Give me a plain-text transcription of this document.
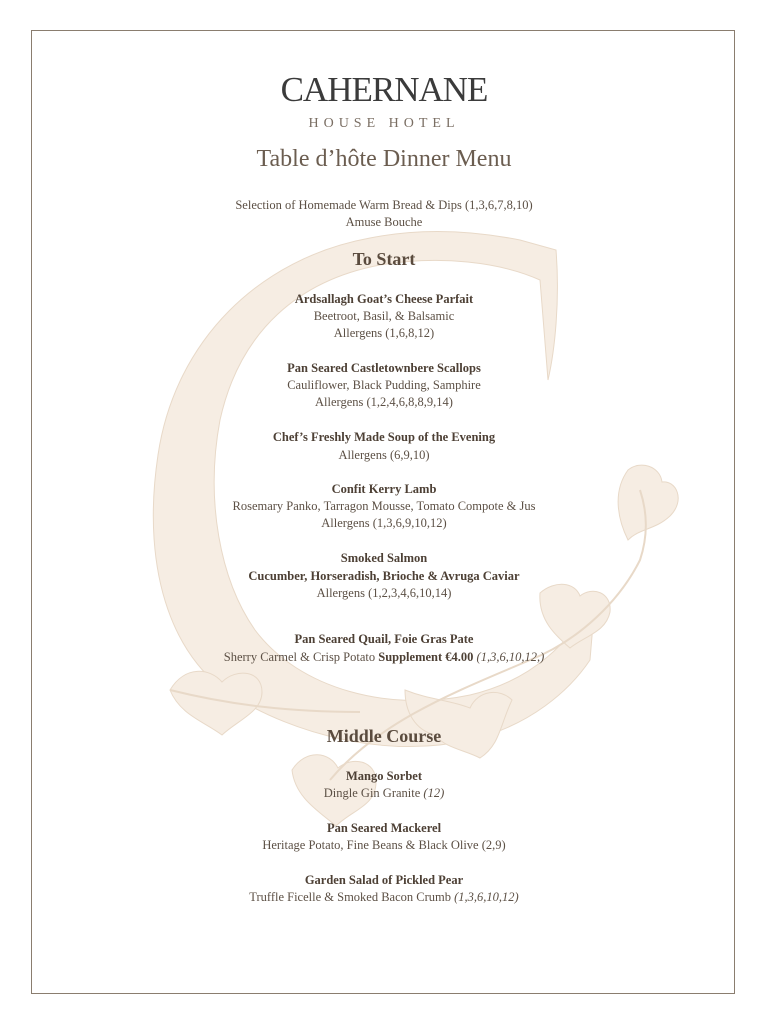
CAHERNANE
HOUSE HOTEL
Table d’hôte Dinner Menu
Selection of Homemade Warm Bread & Dips (1,3,6,7,8,10)
Amuse Bouche
To Start
Ardsallagh Goat’s Cheese Parfait
Beetroot, Basil, & Balsamic
Allergens (1,6,8,12)
Pan Seared Castletownbere Scallops
Cauliflower, Black Pudding, Samphire
Allergens (1,2,4,6,8,8,9,14)
Chef’s Freshly Made Soup of the Evening
Allergens (6,9,10)
Confit Kerry Lamb
Rosemary Panko, Tarragon Mousse, Tomato Compote & Jus
Allergens (1,3,6,9,10,12)
Smoked Salmon
Cucumber, Horseradish, Brioche & Avruga Caviar
Allergens (1,2,3,4,6,10,14)
Pan Seared Quail, Foie Gras Pate
Sherry Carmel & Crisp Potato Supplement €4.00 (1,3,6,10,12,)
Middle Course
Mango Sorbet
Dingle Gin Granite (12)
Pan Seared Mackerel
Heritage Potato, Fine Beans & Black Olive (2,9)
Garden Salad of Pickled Pear
Truffle Ficelle & Smoked Bacon Crumb (1,3,6,10,12)
